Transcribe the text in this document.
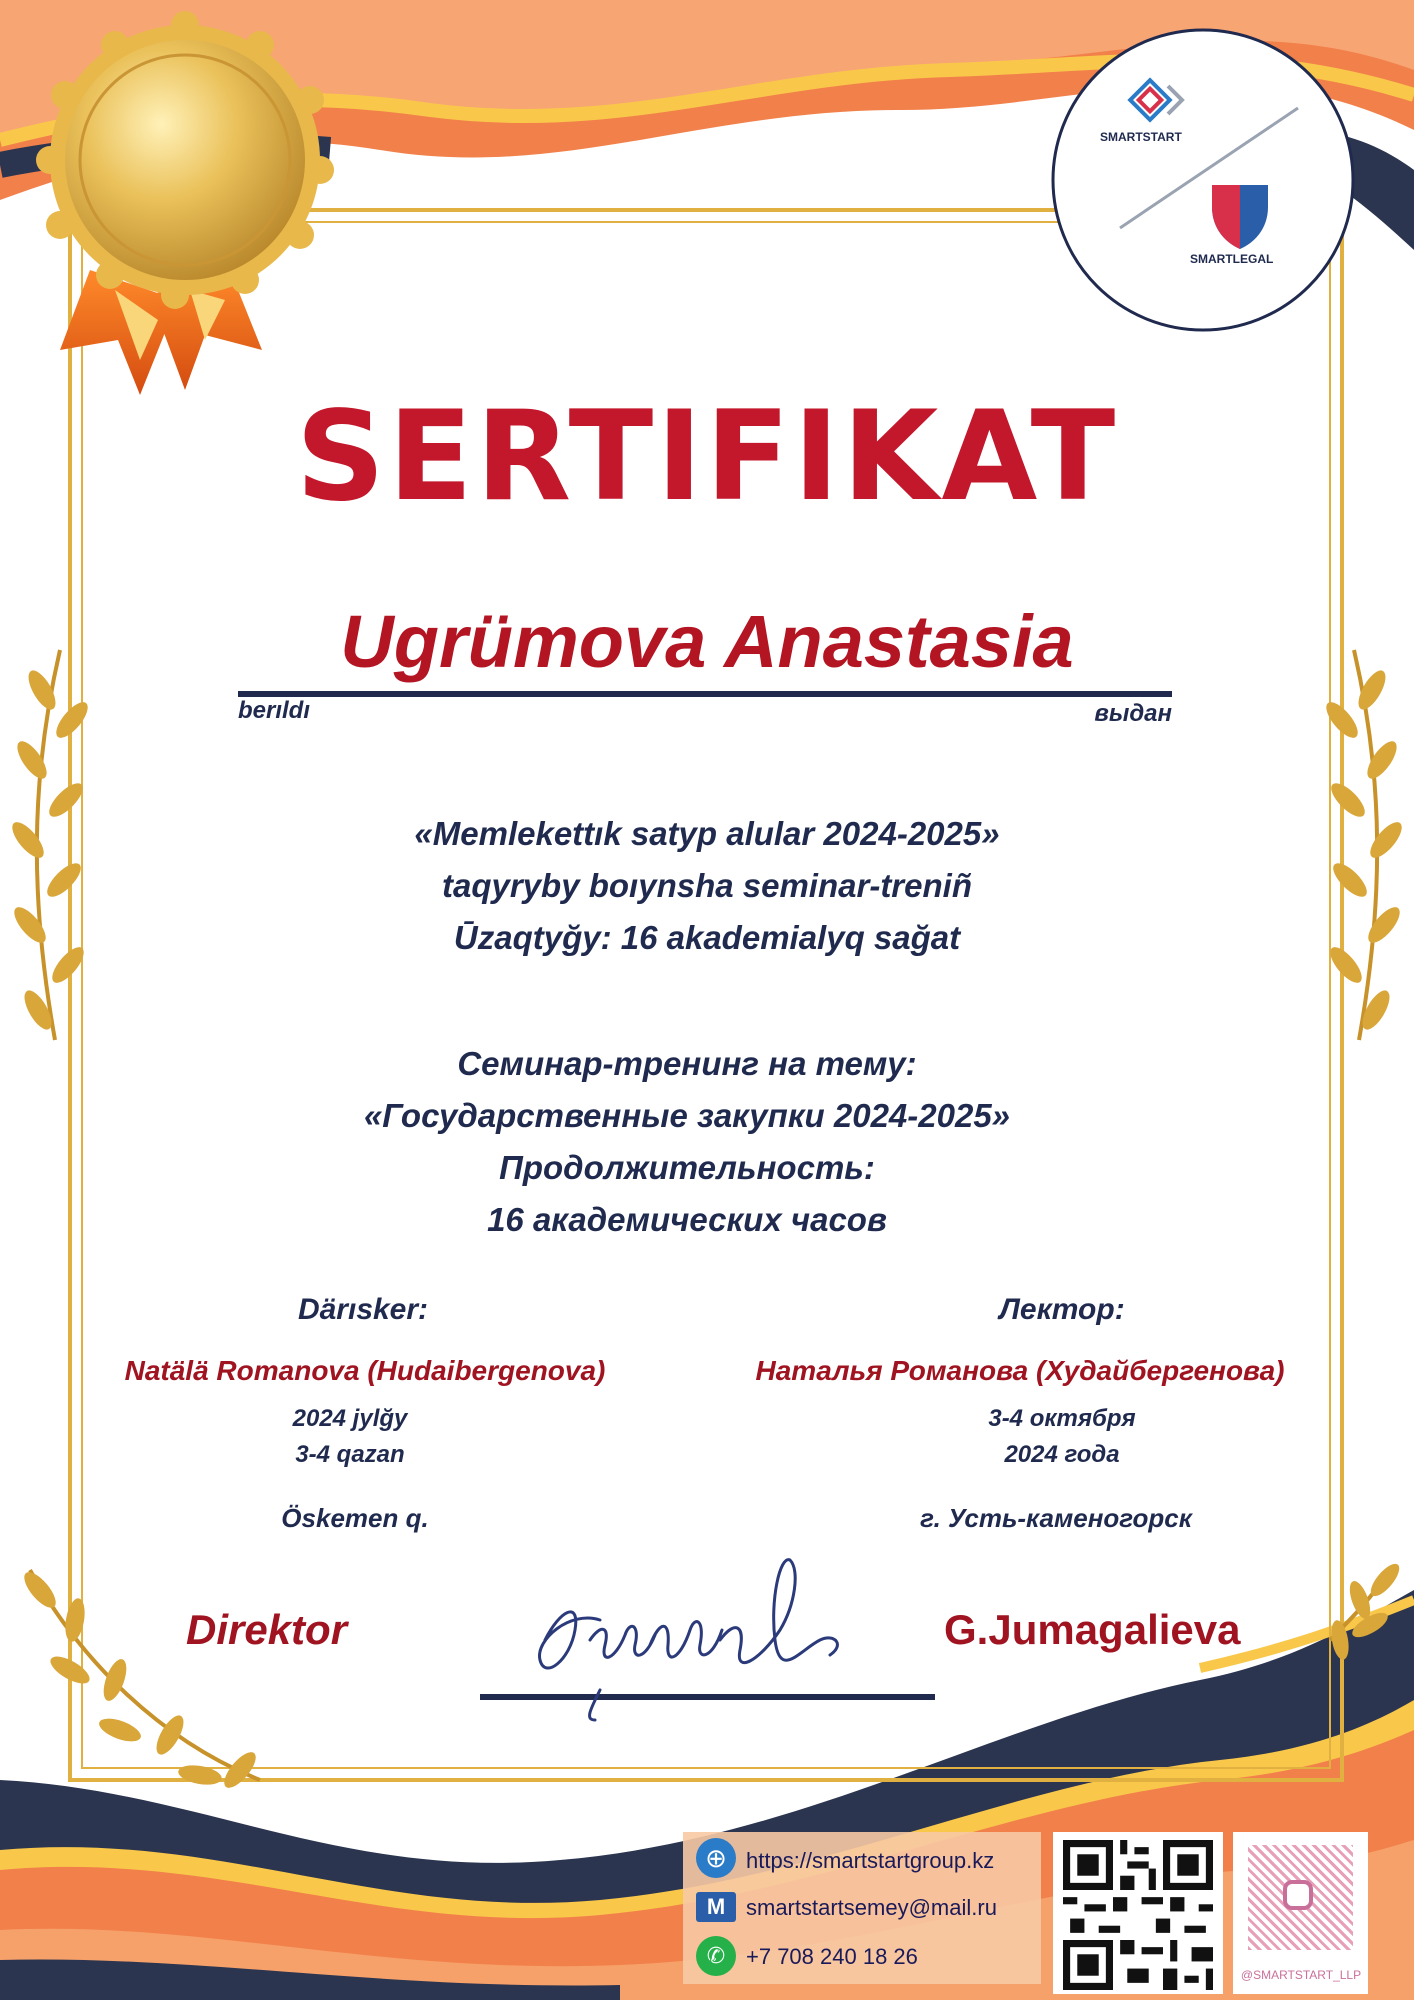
@SMARTSTART_LLP
SMARTSTART
SMARTLEGAL
SERTIFIKAT
Ugrümova Anastasia
berıldı	выдан
«Memlekettık satyp alular 2024-2025»
taqyryby boıynsha seminar-treniñ
Ūzaqtyğy: 16 akademialyq sağat
Семинар-тренинг на тему:
«Государственные закупки 2024-2025»
Продолжительность:
16 академических часов
Därısker:
Natälä Romanova (Hudaibergenova)
2024 jylğy
3-4 qazan
Öskemen q.
Лектор:
Наталья Романова (Худайбергенова)
3-4 октября
2024 года
г. Усть-каменогорск
Direktor	G.Jumagalieva
⊕ https://smartstartgroup.kz
M smartstartsemey@mail.ru
✆ +7 708 240 18 26
